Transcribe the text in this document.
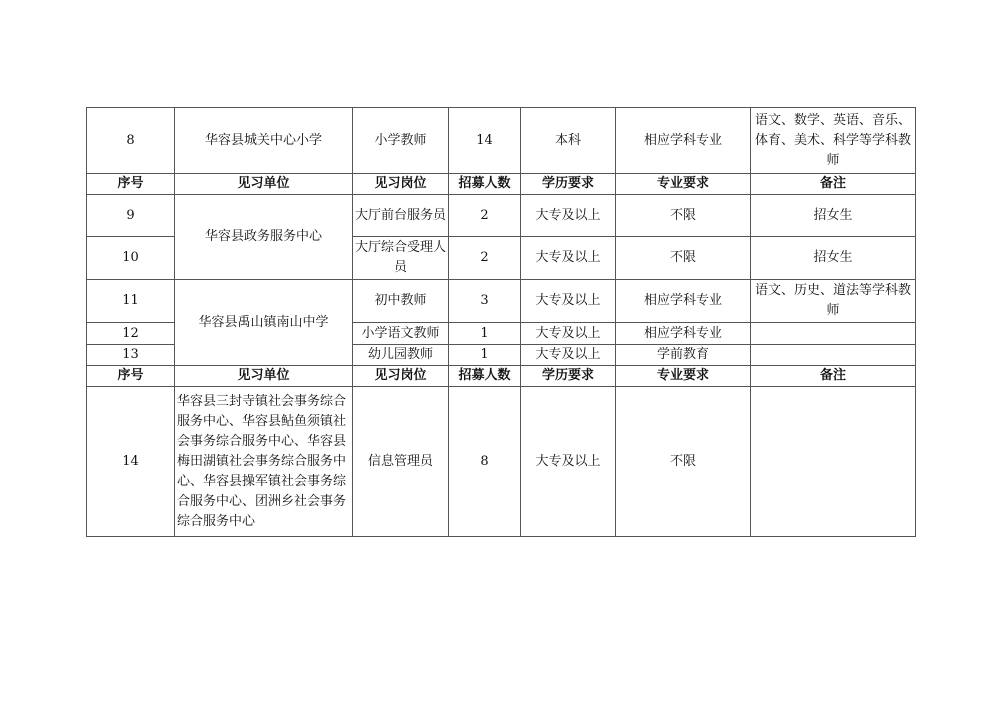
8	华容县城关中心小学	小学教师	14	本科	相应学科专业	语文、数学、英语、音乐、体育、美术、科学等学科教师
序号	见习单位	见习岗位	招募人数	学历要求	专业要求	备注
9	华容县政务服务中心	大厅前台服务员	2	大专及以上	不限	招女生
10		大厅综合受理人员	2	大专及以上	不限	招女生
11	华容县禹山镇南山中学	初中教师	3	大专及以上	相应学科专业	语文、历史、道法等学科教师
12		小学语文教师	1	大专及以上	相应学科专业	
13		幼儿园教师	1	大专及以上	学前教育	
序号	见习单位	见习岗位	招募人数	学历要求	专业要求	备注
14	华容县三封寺镇社会事务综合服务中心、华容县鲇鱼须镇社会事务综合服务中心、华容县梅田湖镇社会事务综合服务中心、华容县操军镇社会事务综合服务中心、团洲乡社会事务综合服务中心	信息管理员	8	大专及以上	不限	
